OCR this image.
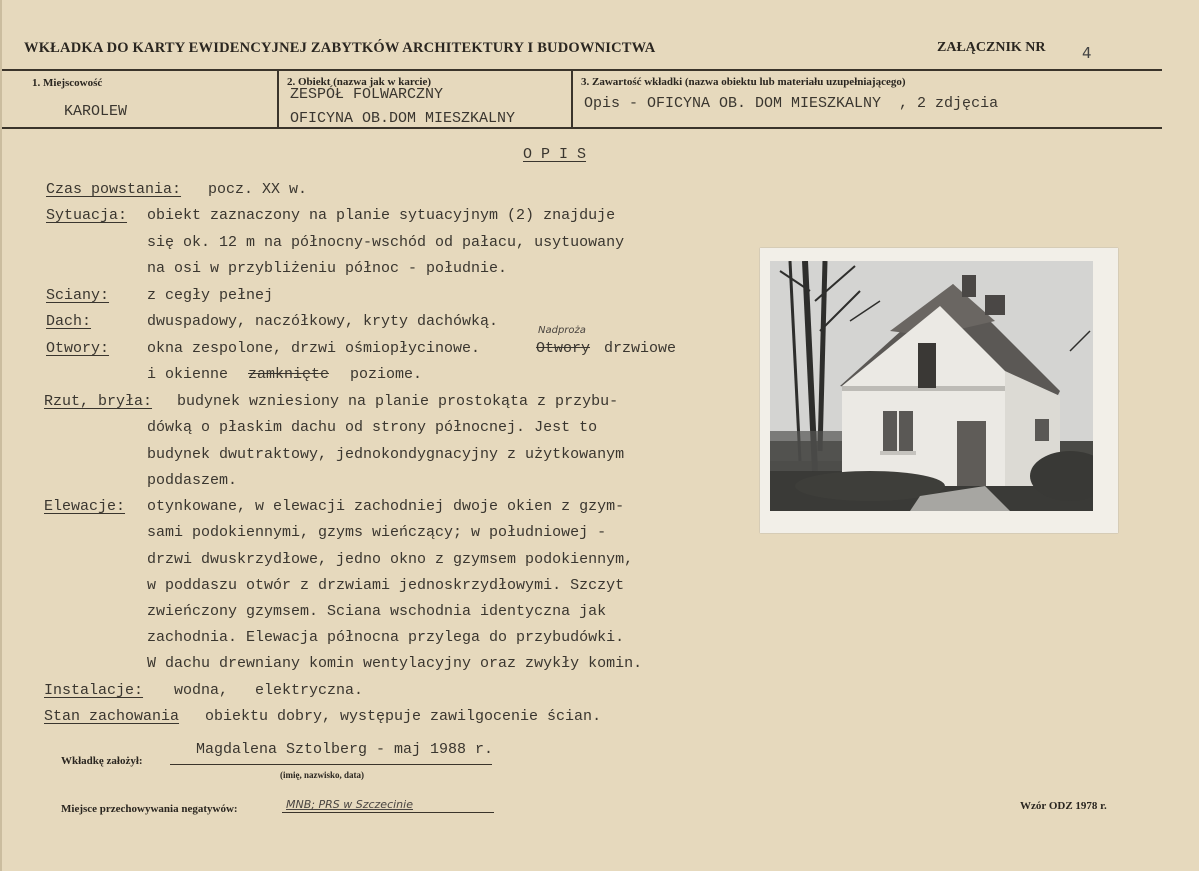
WKŁADKA DO KARTY EWIDENCYJNEJ ZABYTKÓW ARCHITEKTURY I BUDOWNICTWA	ZAŁĄCZNIK NR 4
1. Miejscowość
KAROLEW
2. Obiekt (nazwa jak w karcie)
ZESPÓŁ FOLWARCZNY
OFICYNA OB.DOM MIESZKALNY
3. Zawartość wkładki (nazwa obiektu lub materiału uzupełniającego)
Opis - OFICYNA OB. DOM MIESZKALNY  , 2 zdjęcia
O P I S
Czas powstania: pocz. XX w.
Sytuacja: obiekt zaznaczony na planie sytuacyjnym (2) znajduje
się ok. 12 m na północny-wschód od pałacu, usytuowany
na osi w przybliżeniu północ - południe.
Sciany:	z cegły pełnej
Dach:	dwuspadowy, naczółkowy, kryty dachówką.
Nadproża
Otwory:	okna zespolone, drzwi ośmiopłycinowe.	Otwory drzwiowe
i okienne zamknięte poziome.
Rzut, bryła: budynek wzniesiony na planie prostokąta z przybu-
dówką o płaskim dachu od strony północnej. Jest to
budynek dwutraktowy, jednokondygnacyjny z użytkowanym
poddaszem.
Elewacje: otynkowane, w elewacji zachodniej dwoje okien z gzym-
sami podokiennymi, gzyms wieńczący; w południowej -
drzwi dwuskrzydłowe, jedno okno z gzymsem podokiennym,
w poddaszu otwór z drzwiami jednoskrzydłowymi. Szczyt
zwieńczony gzymsem. Sciana wschodnia identyczna jak
zachodnia. Elewacja północna przylega do przybudówki.
W dachu drewniany komin wentylacyjny oraz zwykły komin.
Instalacje: wodna,   elektryczna.
Stan zachowania obiektu dobry, występuje zawilgocenie ścian.
Wkładkę założył:
Magdalena Sztolberg - maj 1988 r.
(imię, nazwisko, data)
Miejsce przechowywania negatywów:	MNB; PRS w Szczecinie	Wzór ODZ 1978 r.
